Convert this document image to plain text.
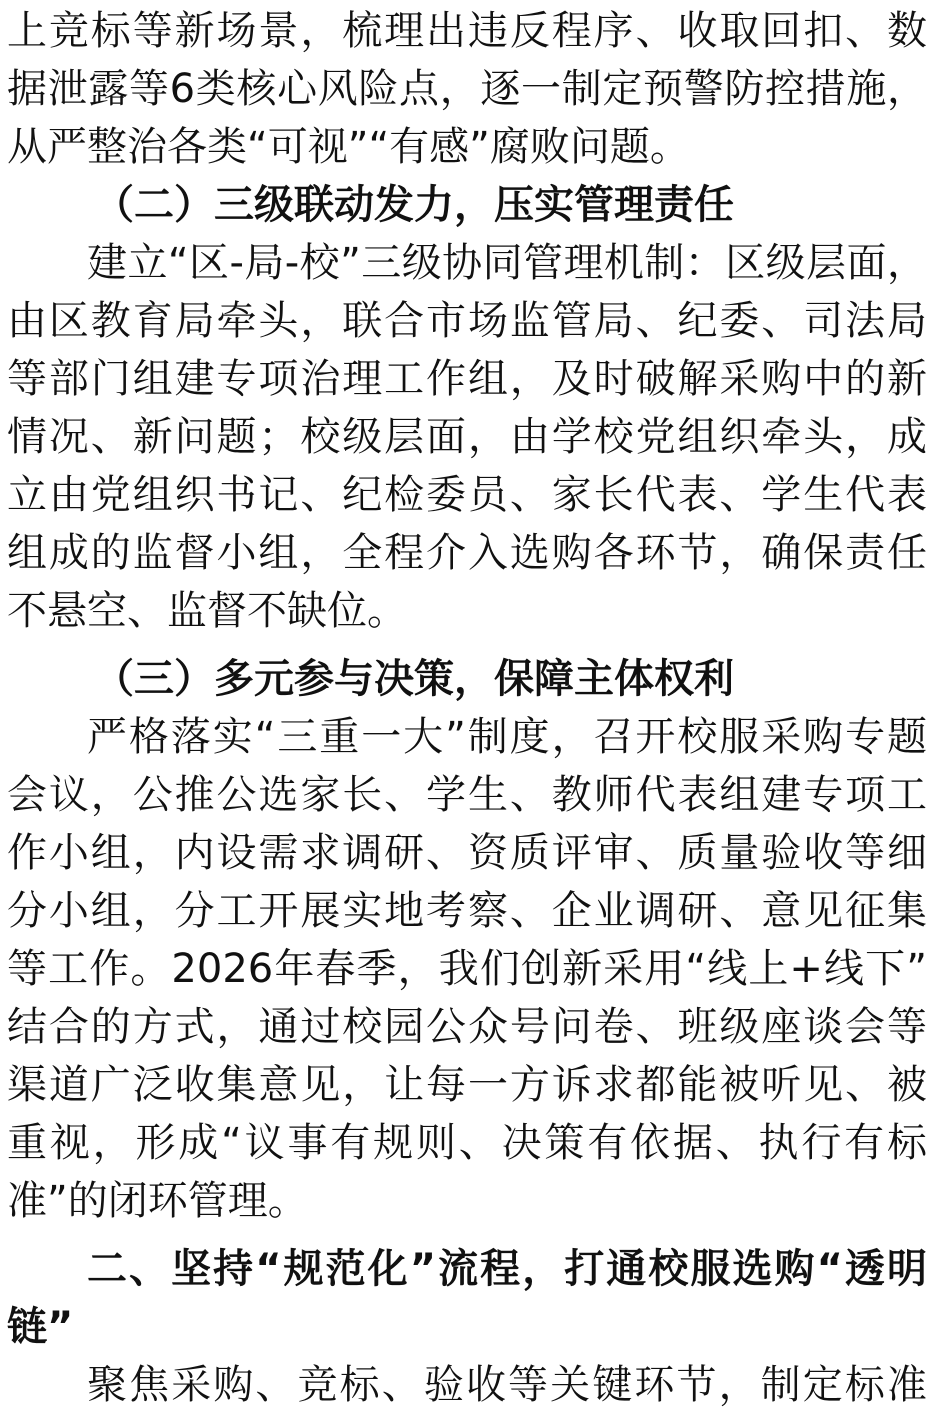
上竞标等新场景，梳理出违反程序、收取回扣、数

据泄露等6类核心风险点，逐一制定预警防控措施，

从严整治各类“可视”“有感”腐败问题。

（二）三级联动发力，压实管理责任

建立“区-局-校”三级协同管理机制：区级层面，

由区教育局牵头，联合市场监管局、纪委、司法局

等部门组建专项治理工作组，及时破解采购中的新

情况、新问题；校级层面，由学校党组织牵头，成

立由党组织书记、纪检委员、家长代表、学生代表

组成的监督小组，全程介入选购各环节，确保责任

不悬空、监督不缺位。

（三）多元参与决策，保障主体权利

严格落实“三重一大”制度，召开校服采购专题

会议，公推公选家长、学生、教师代表组建专项工

作小组，内设需求调研、资质评审、质量验收等细

分小组，分工开展实地考察、企业调研、意见征集

等工作。2026年春季，我们创新采用“线上+线下”

结合的方式，通过校园公众号问卷、班级座谈会等

渠道广泛收集意见，让每一方诉求都能被听见、被

重视，形成“议事有规则、决策有依据、执行有标

准”的闭环管理。

二、坚持“规范化”流程，打通校服选购“透明

链”

聚焦采购、竞标、验收等关键环节，制定标准
